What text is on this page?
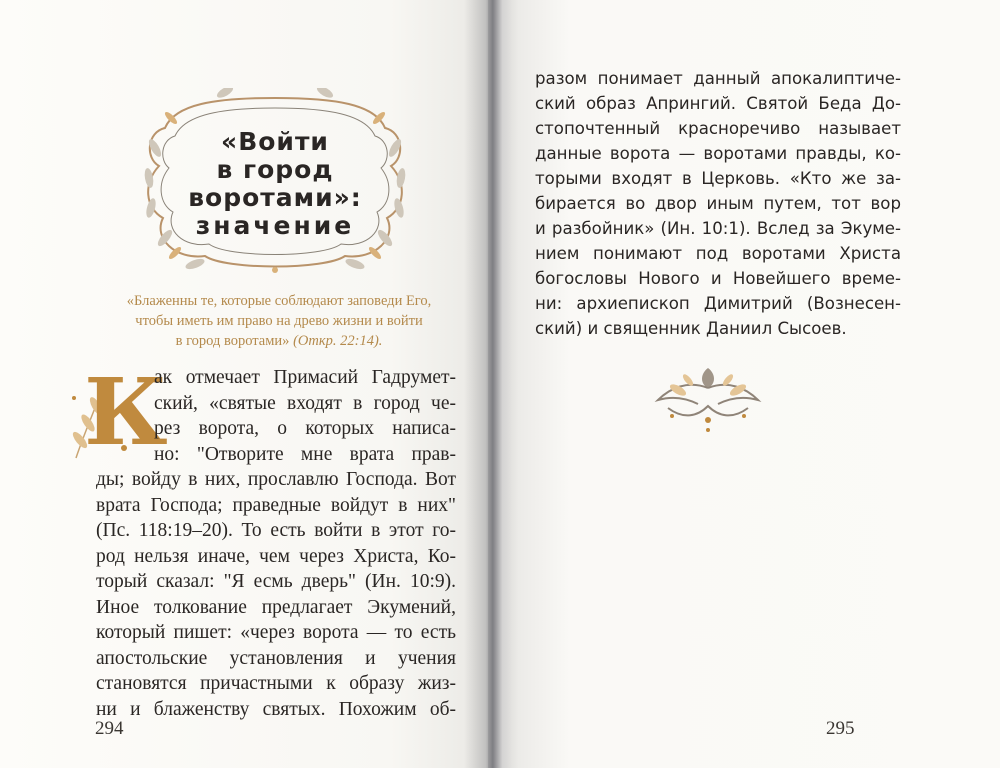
«Войти
в город
воротами»:
значение
«Блаженны те, которые соблюдают заповеди Его,
чтобы иметь им право на древо жизни и войти
в город воротами» (Откр. 22:14).
К
ак отмечает Примасий Гадрумет-
ский, «святые входят в город че-
рез ворота, о которых написа-
но: "Отворите мне врата прав-
ды; войду в них, прославлю Господа. Вот
врата Господа; праведные войдут в них"
(Пс. 118:19–20). То есть войти в этот го-
род нельзя иначе, чем через Христа, Ко-
торый сказал: "Я есмь дверь" (Ин. 10:9).
Иное толкование предлагает Экумений,
который пишет: «через ворота — то есть
апостольские установления и учения
становятся причастными к образу жиз-
ни и блаженству святых. Похожим об-
294
разом понимает данный апокалиптиче-
ский образ Апрингий. Святой Беда До-
стопочтенный красноречиво называет
данные ворота — воротами правды, ко-
торыми входят в Церковь. «Кто же за-
бирается во двор иным путем, тот вор
и разбойник» (Ин. 10:1). Вслед за Экуме-
нием понимают под воротами Христа
богословы Нового и Новейшего време-
ни: архиепископ Димитрий (Вознесен-
ский) и священник Даниил Сысоев.
295
